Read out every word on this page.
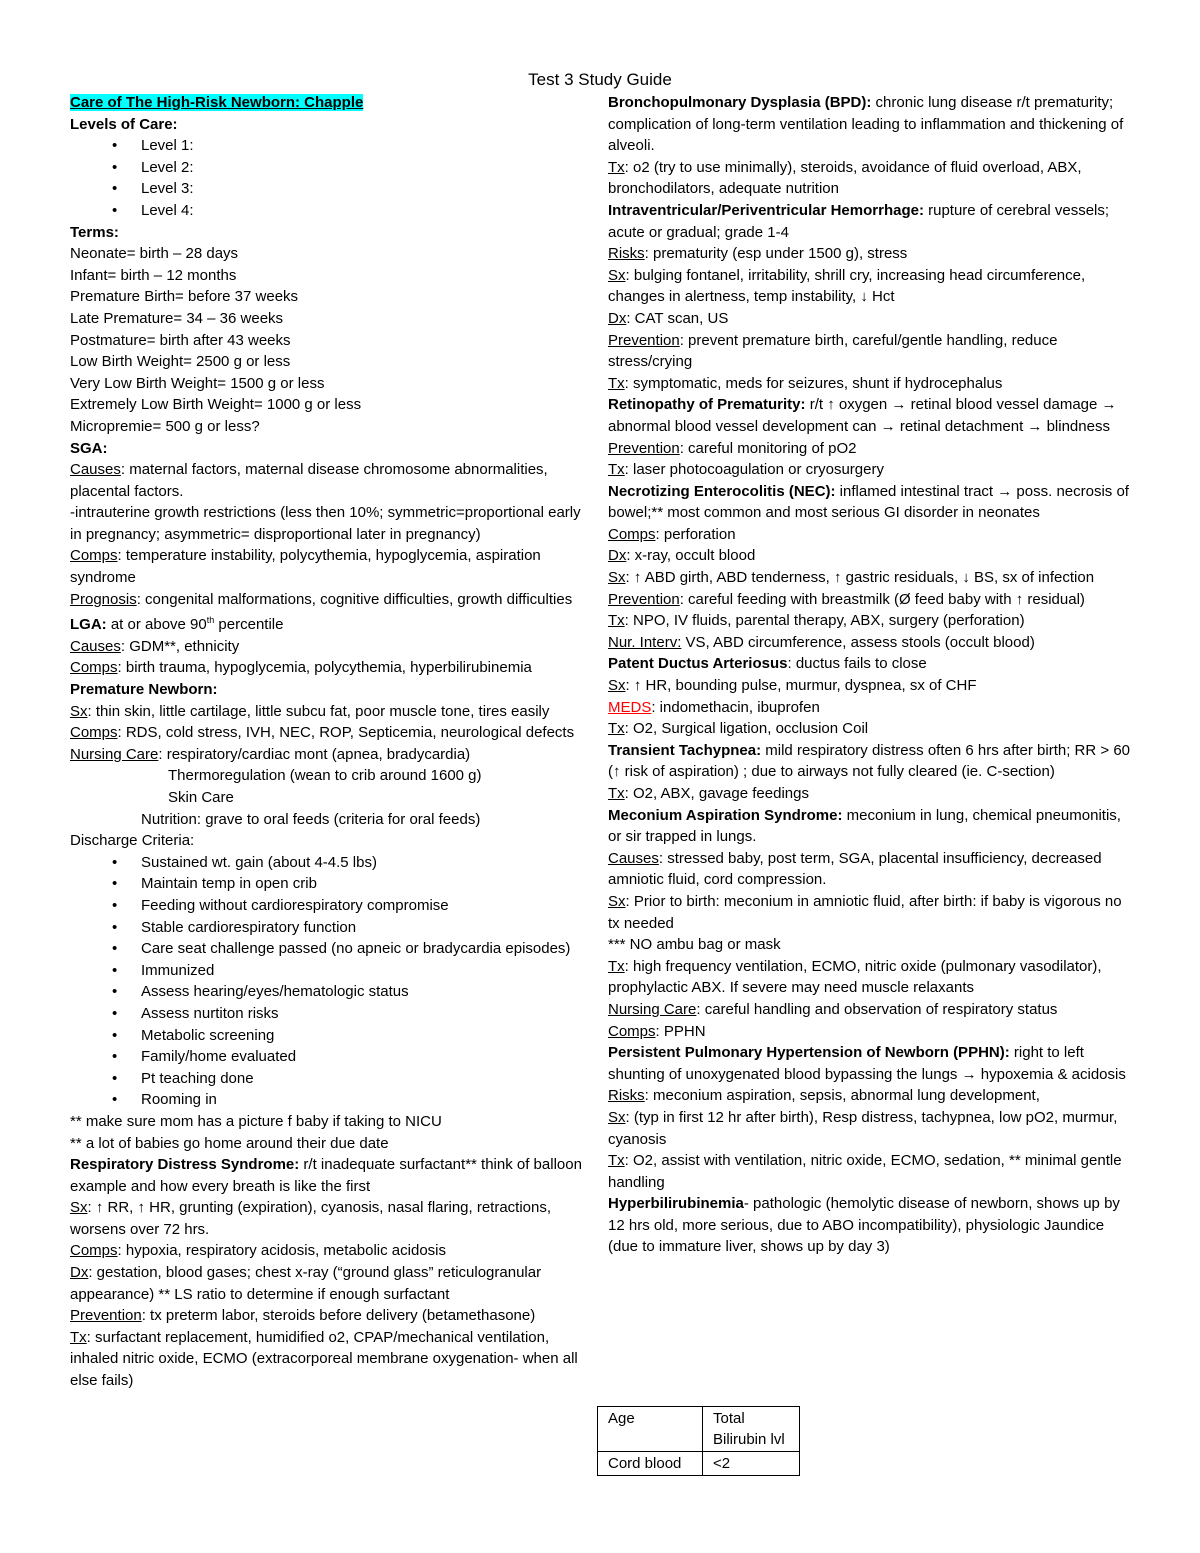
Test 3 Study Guide
Care of The High-Risk Newborn: Chapple
Levels of Care:
• Level 1:
• Level 2:
• Level 3:
• Level 4:
Terms:
Neonate= birth – 28 days
Infant= birth – 12 months
Premature Birth= before 37 weeks
Late Premature= 34 – 36 weeks
Postmature= birth after 43 weeks
Low Birth Weight= 2500 g or less
Very Low Birth Weight= 1500 g or less
Extremely Low Birth Weight= 1000 g or less
Micropremie= 500 g or less?
SGA:
Causes: maternal factors, maternal disease chromosome abnormalities, placental factors.
-intrauterine growth restrictions (less then 10%; symmetric=proportional early in pregnancy; asymmetric= disproportional later in pregnancy)
Comps: temperature instability, polycythemia, hypoglycemia, aspiration syndrome
Prognosis: congenital malformations, cognitive difficulties, growth difficulties
LGA: at or above 90th percentile
Causes: GDM**, ethnicity
Comps: birth trauma, hypoglycemia, polycythemia, hyperbilirubinemia
Premature Newborn:
Sx: thin skin, little cartilage, little subcu fat, poor muscle tone, tires easily
Comps: RDS, cold stress, IVH, NEC, ROP, Septicemia, neurological defects
Nursing Care: respiratory/cardiac mont (apnea, bradycardia)
Thermoregulation (wean to crib around 1600 g)
Skin Care
Nutrition: grave to oral feeds (criteria for oral feeds)
Discharge Criteria:
• Sustained wt. gain (about 4-4.5 lbs)
• Maintain temp in open crib
• Feeding without cardiorespiratory compromise
• Stable cardiorespiratory function
• Care seat challenge passed (no apneic or bradycardia episodes)
• Immunized
• Assess hearing/eyes/hematologic status
• Assess nurtiton risks
• Metabolic screening
• Family/home evaluated
• Pt teaching done
• Rooming in
** make sure mom has a picture f baby if taking to NICU
** a lot of babies go home around their due date
Respiratory Distress Syndrome: r/t inadequate surfactant** think of balloon example and how every breath is like the first
Sx: ↑ RR, ↑ HR, grunting (expiration), cyanosis, nasal flaring, retractions, worsens over 72 hrs.
Comps: hypoxia, respiratory acidosis, metabolic acidosis
Dx: gestation, blood gases; chest x-ray (“ground glass” reticulogranular appearance) ** LS ratio to determine if enough surfactant
Prevention: tx preterm labor, steroids before delivery (betamethasone)
Tx: surfactant replacement, humidified o2, CPAP/mechanical ventilation, inhaled nitric oxide, ECMO (extracorporeal membrane oxygenation- when all else fails)
Bronchopulmonary Dysplasia (BPD): chronic lung disease r/t prematurity; complication of long-term ventilation leading to inflammation and thickening of alveoli.
Tx: o2 (try to use minimally), steroids, avoidance of fluid overload, ABX, bronchodilators, adequate nutrition
Intraventricular/Periventricular Hemorrhage: rupture of cerebral vessels; acute or gradual; grade 1-4
Risks: prematurity (esp under 1500 g), stress
Sx: bulging fontanel, irritability, shrill cry, increasing head circumference, changes in alertness, temp instability, ↓ Hct
Dx: CAT scan, US
Prevention: prevent premature birth, careful/gentle handling, reduce stress/crying
Tx: symptomatic, meds for seizures, shunt if hydrocephalus
Retinopathy of Prematurity: r/t ↑ oxygen → retinal blood vessel damage → abnormal blood vessel development can → retinal detachment → blindness
Prevention: careful monitoring of pO2
Tx: laser photocoagulation or cryosurgery
Necrotizing Enterocolitis (NEC): inflamed intestinal tract → poss. necrosis of bowel;** most common and most serious GI disorder in neonates
Comps: perforation
Dx: x-ray, occult blood
Sx: ↑ ABD girth, ABD tenderness, ↑ gastric residuals, ↓ BS, sx of infection
Prevention: careful feeding with breastmilk (Ø feed baby with ↑ residual)
Tx: NPO, IV fluids, parental therapy, ABX, surgery (perforation)
Nur. Interv: VS, ABD circumference, assess stools (occult blood)
Patent Ductus Arteriosus: ductus fails to close
Sx: ↑ HR, bounding pulse, murmur, dyspnea, sx of CHF
MEDS: indomethacin, ibuprofen
Tx: O2, Surgical ligation, occlusion Coil
Transient Tachypnea: mild respiratory distress often 6 hrs after birth; RR > 60 (↑ risk of aspiration) ; due to airways not fully cleared (ie. C-section)
Tx: O2, ABX, gavage feedings
Meconium Aspiration Syndrome: meconium in lung, chemical pneumonitis, or sir trapped in lungs.
Causes: stressed baby, post term, SGA, placental insufficiency, decreased amniotic fluid, cord compression.
Sx: Prior to birth: meconium in amniotic fluid, after birth: if baby is vigorous no tx needed
*** NO ambu bag or mask
Tx: high frequency ventilation, ECMO, nitric oxide (pulmonary vasodilator), prophylactic ABX. If severe may need muscle relaxants
Nursing Care: careful handling and observation of respiratory status
Comps: PPHN
Persistent Pulmonary Hypertension of Newborn (PPHN): right to left shunting of unoxygenated blood bypassing the lungs → hypoxemia & acidosis
Risks: meconium aspiration, sepsis, abnormal lung development,
Sx: (typ in first 12 hr after birth), Resp distress, tachypnea, low pO2, murmur, cyanosis
Tx: O2, assist with ventilation, nitric oxide, ECMO, sedation, ** minimal gentle handling
Hyperbilirubinemia- pathologic (hemolytic disease of newborn, shows up by 12 hrs old, more serious, due to ABO incompatibility), physiologic Jaundice (due to immature liver, shows up by day 3)
Age	Total Bilirubin lvl
Cord blood	<2
